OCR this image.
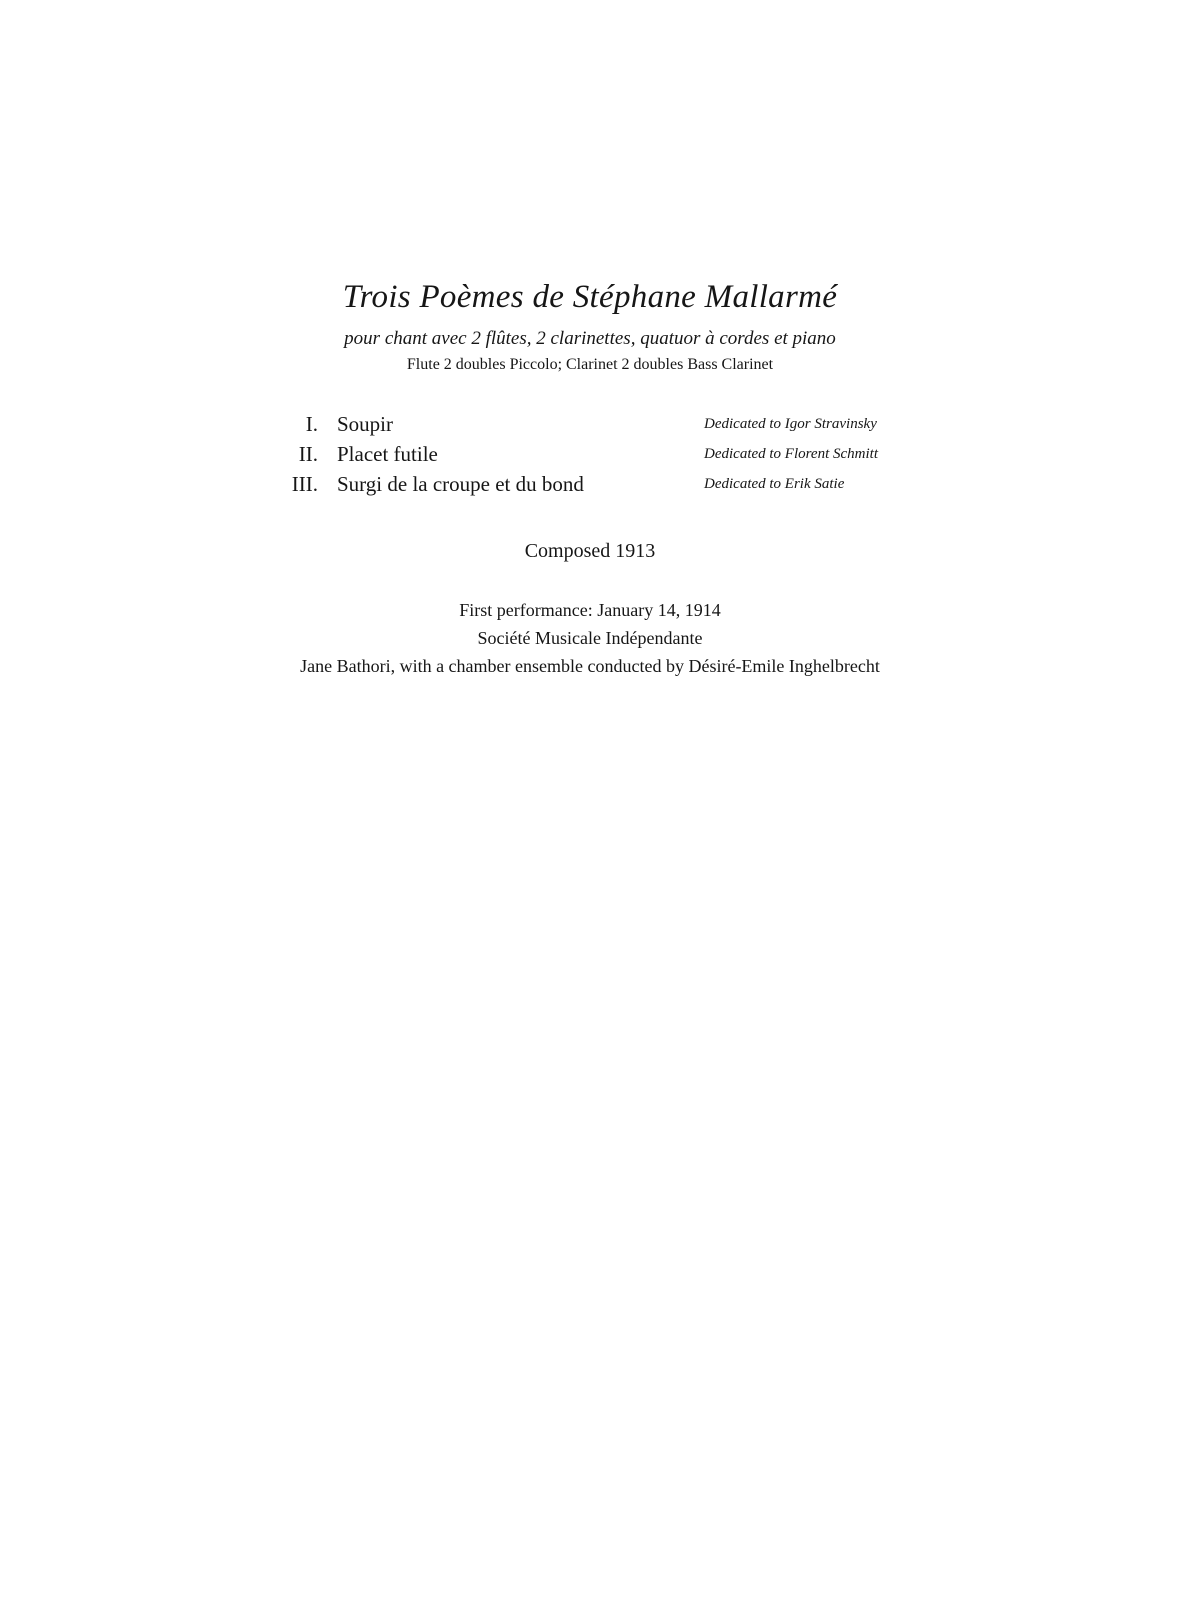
Trois Poèmes de Stéphane Mallarmé
pour chant avec 2 flûtes, 2 clarinettes, quatuor à cordes et piano
Flute 2 doubles Piccolo; Clarinet 2 doubles Bass Clarinet
I. Soupir	Dedicated to Igor Stravinsky
II. Placet futile	Dedicated to Florent Schmitt
III. Surgi de la croupe et du bond	Dedicated to Erik Satie
Composed 1913
First performance: January 14, 1914
Société Musicale Indépendante
Jane Bathori, with a chamber ensemble conducted by Désiré-Emile Inghelbrecht
